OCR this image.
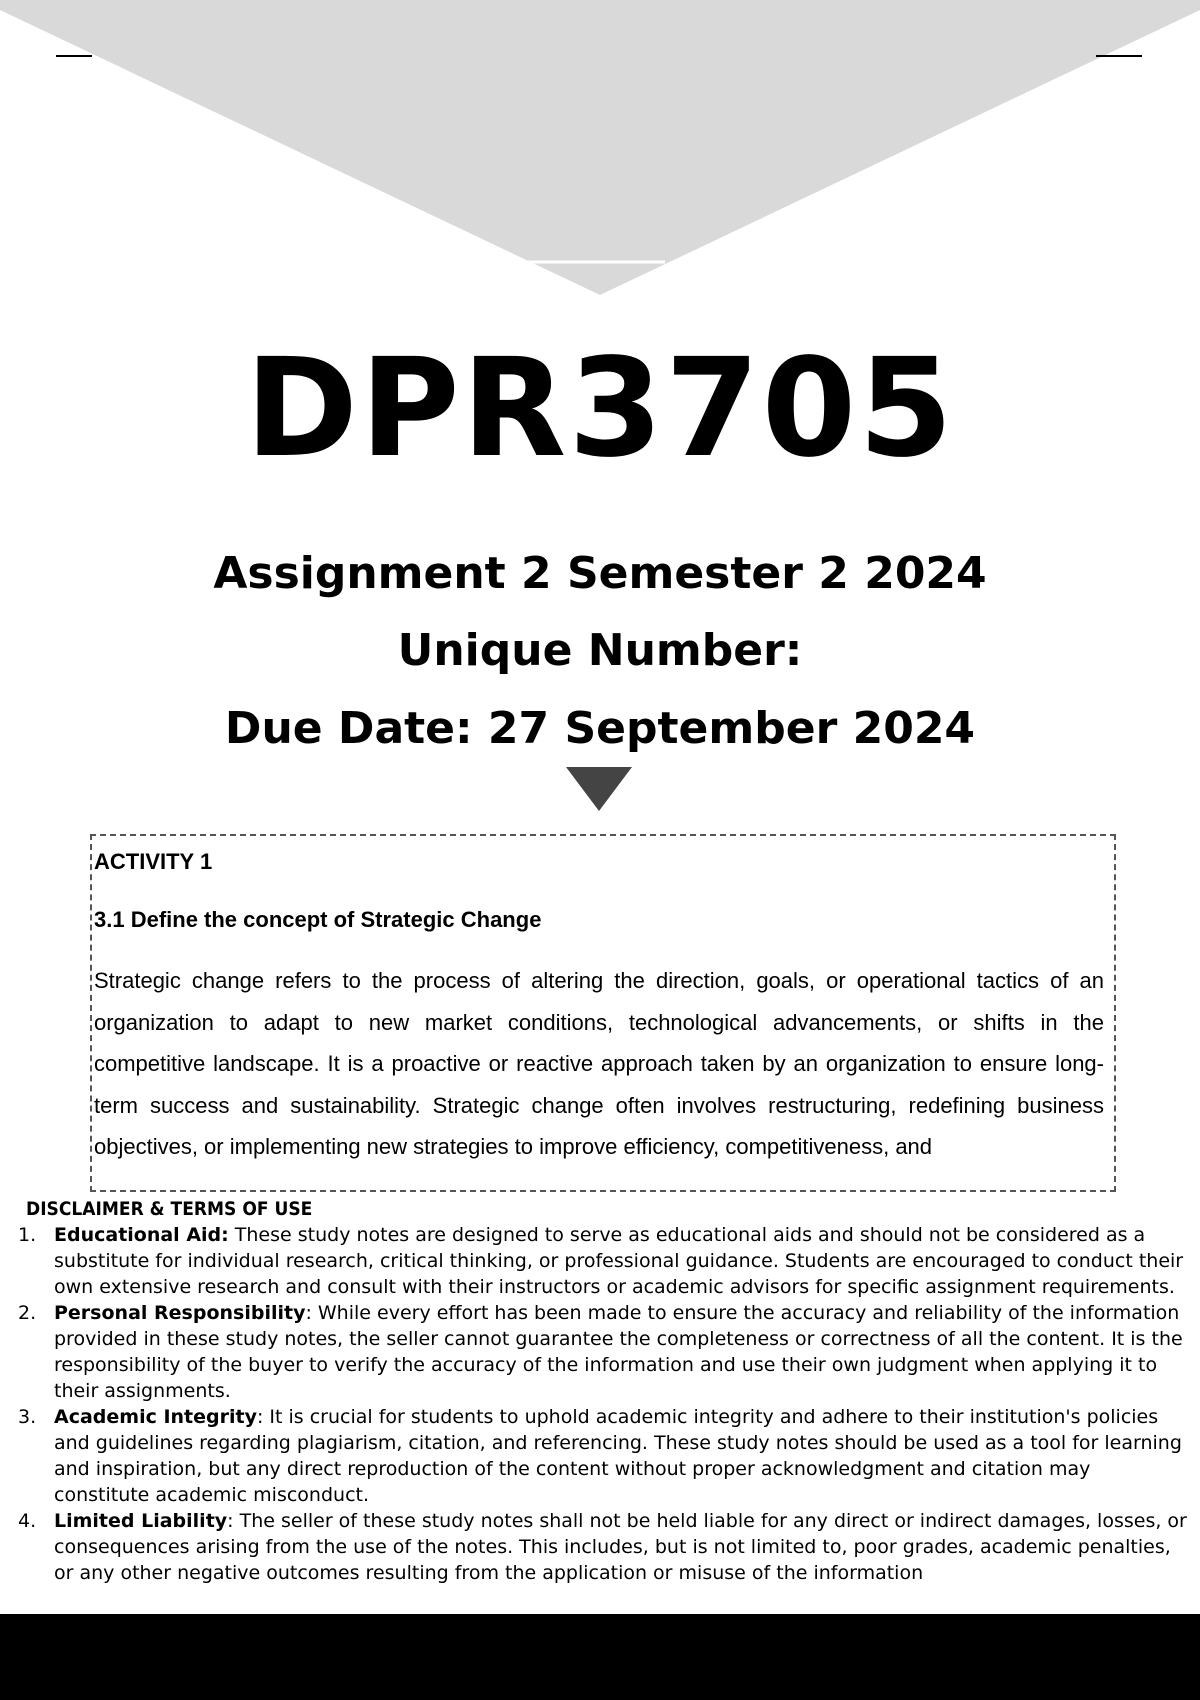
DPR3705
Assignment 2 Semester 2 2024
Unique Number:
Due Date: 27 September 2024
ACTIVITY 1
3.1 Define the concept of Strategic Change

Strategic change refers to the process of altering the direction, goals, or operational tactics of an organization to adapt to new market conditions, technological advancements, or shifts in the competitive landscape. It is a proactive or reactive approach taken by an organization to ensure long-term success and sustainability. Strategic change often involves restructuring, redefining business objectives, or implementing new strategies to improve efficiency, competitiveness, and

DISCLAIMER & TERMS OF USE
1. Educational Aid: These study notes are designed to serve as educational aids and should not be considered as a substitute for individual research, critical thinking, or professional guidance. Students are encouraged to conduct their own extensive research and consult with their instructors or academic advisors for specific assignment requirements.
2. Personal Responsibility: While every effort has been made to ensure the accuracy and reliability of the information provided in these study notes, the seller cannot guarantee the completeness or correctness of all the content. It is the responsibility of the buyer to verify the accuracy of the information and use their own judgment when applying it to their assignments.
3. Academic Integrity: It is crucial for students to uphold academic integrity and adhere to their institution's policies and guidelines regarding plagiarism, citation, and referencing. These study notes should be used as a tool for learning and inspiration, but any direct reproduction of the content without proper acknowledgment and citation may constitute academic misconduct.
4. Limited Liability: The seller of these study notes shall not be held liable for any direct or indirect damages, losses, or consequences arising from the use of the notes. This includes, but is not limited to, poor grades, academic penalties, or any other negative outcomes resulting from the application or misuse of the information
